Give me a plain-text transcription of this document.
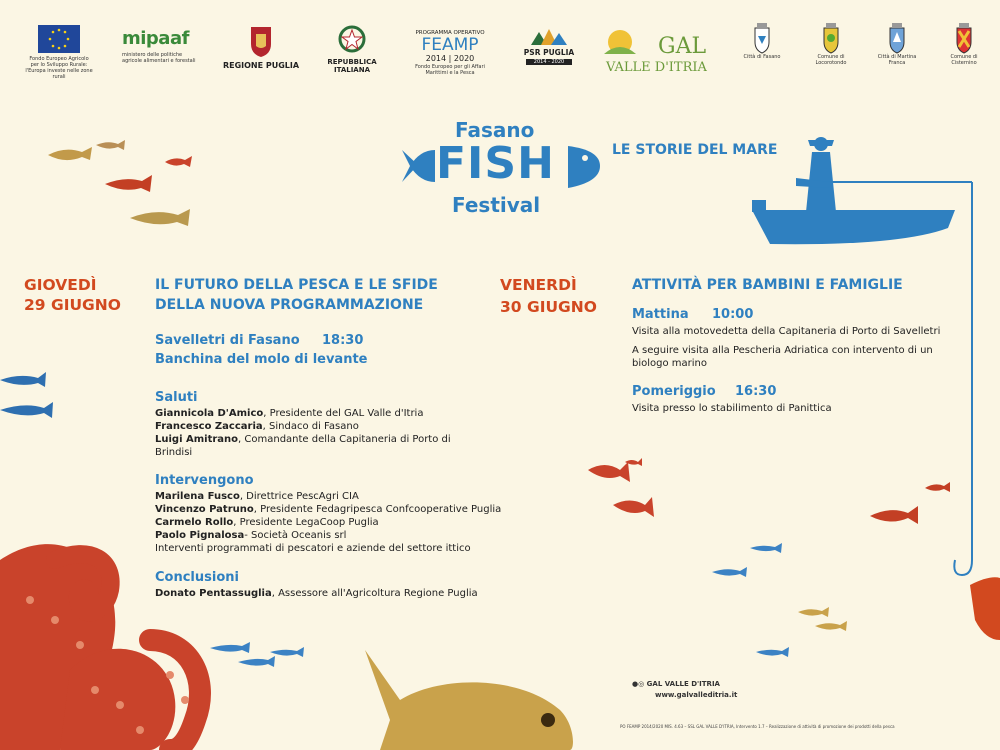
Fondo Europeo Agricolo per lo Sviluppo Rurale: l'Europa investe nelle zone rurali
mipaaf
ministero delle politiche agricole alimentari e forestali	REGIONE PUGLIA	REPUBBLICA ITALIANA
PROGRAMMA OPERATIVO
FEAMP
2014 | 2020
Fondo Europeo per gli Affari Marittimi e la Pesca
PSR PUGLIA
2014 - 2020
GAL
VALLE D'ITRIA
Città di Fasano	Comune di Locorotondo
Città di Martina Franca
Comune di Cisternino
Fasano
FISH
Festival
LE STORIE DEL MARE
GIOVEDÌ
29 GIUGNO
IL FUTURO DELLA PESCA E LE SFIDE
DELLA NUOVA PROGRAMMAZIONE
Savelletri di Fasano 18:30
Banchina del molo di levante
Saluti
Giannicola D'Amico, Presidente del GAL Valle d'Itria
Francesco Zaccaria, Sindaco di Fasano
Luigi Amitrano, Comandante della Capitaneria di Porto di Brindisi
Intervengono
Marilena Fusco, Direttrice PescAgri CIA
Vincenzo Patruno, Presidente Fedagripesca Confcooperative Puglia
Carmelo Rollo, Presidente LegaCoop Puglia
Paolo Pignalosa- Società Oceanis srl
Interventi programmati di pescatori e aziende del settore ittico
Conclusioni
Donato Pentassuglia, Assessore all'Agricoltura Regione Puglia
VENERDÌ
30 GIUGNO
ATTIVITÀ PER BAMBINI E FAMIGLIE
Mattina 10:00
Visita alla motovedetta della Capitaneria di Porto di Savelletri
A seguire visita alla Pescheria Adriatica con intervento di un biologo marino
Pomeriggio 16:30
Visita presso lo stabilimento di Panittica
●◎ GAL VALLE D'ITRIA
www.galvalleditria.it
PO FEAMP 2014/2020 MIS. 4.63 – SSL GAL VALLE D'ITRIA, Intervento 1.7 – Realizzazione di attività di promozione dei prodotti della pesca
